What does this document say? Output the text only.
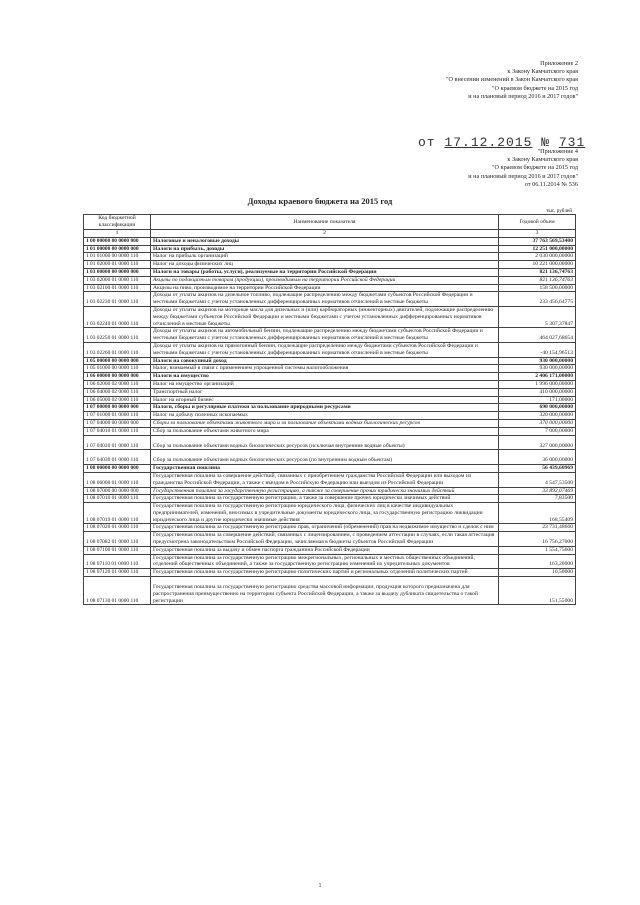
Приложение 2
к Закону Камчатского края
"О внесении изменений в Закон Камчатского края
"О краевом бюджете на 2015 год
и на плановый период 2016 и 2017 годов"
от 17.12.2015 № 731
"Приложение 4
к Закону Камчатского края
"О краевом бюджете на 2015 год
и на плановый период 2016 и 2017 годов"
от 06.11.2014 № 536
Доходы краевого бюджета на 2015 год
тыс. рублей
Код бюджетной классификации	Наименование показателя	Годовой объем
1	2	3
1 00 00000 00 0000 000	Налоговые и неналоговые доходы	37 763 569,53400
1 01 00000 00 0000 000	Налоги на прибыль, доходы	12 251 000,00000
1 01 01000 00 0000 110	Налог на прибыль организаций	2 030 000,00000
1 01 02000 01 0000 110	Налог на доходы физических лиц	10 221 000,00000
1 03 00000 00 0000 000	Налоги на товары (работы, услуги), реализуемые на территории Российской Федерации	821 136,74763
1 03 02000 01 0000 110	Акцизы по подакцизным товарам (продукции), производимым на территории Российской Федерации	821 136,74763
1 03 02100 01 0000 110	Акцизы на пиво, производимое на территории Российской Федерации	158 500,00000
1 03 02230 01 0000 110	Доходы от уплаты акцизов на дизельное топливо, подлежащие распределению между бюджетами субъектов Российской Федерации и местными бюджетами с учетом установленных дифференцированных нормативов отчислений в местные бюджеты	233 456,64775
1 03 02240 01 0000 110	Доходы от уплаты акцизов на моторные масла для дизельных и (или) карбюраторных (инжекторных) двигателей, подлежащие распределению между бюджетами субъектов Российской Федерации и местными бюджетами с учетом установленных дифференцированных нормативов отчислений в местные бюджеты	5 307,37847
1 03 02250 01 0000 110	Доходы от уплаты акцизов на автомобильный бензин, подлежащие распределению между бюджетами субъектов Российской Федерации и местными бюджетами с учетом установленных дифференцированных нормативов отчислений в местные бюджеты	464 027,68654
1 03 02260 01 0000 110	Доходы от уплаты акцизов на прямогонный бензин, подлежащие распределению между бюджетами субъектов Российской Федерации и местными бюджетами с учетом установленных дифференцированных нормативов отчислений в местные бюджеты	-40 154,96513
1 05 00000 00 0000 000	Налоги на совокупный доход	930 000,00000
1 05 01000 00 0000 110	Налог, взимаемый в связи с применением упрощенной системы налогообложения	930 000,00000
1 06 00000 00 0000 000	Налоги на имущество	2 406 171,00000
1 06 02000 02 0000 110	Налог на имущество организаций	1 996 000,00000
1 06 04000 02 0000 110	Транспортный налог	410 000,00000
1 06 05000 02 0000 110	Налог на игорный бизнес	171,00000
1 07 00000 00 0000 000	Налоги, сборы и регулярные платежи за пользование природными ресурсами	690 000,00000
1 07 01000 01 0000 110	Налог на добычу полезных ископаемых	320 000,00000
1 07 04000 00 0000 000	Сборы за пользование объектами животного мира и за пользование объектами водных биологических ресурсов	370 000,00000
1 07 04010 01 0000 110	Сбор за пользование объектами животного мира	7 000,00000
1 07 04020 01 0000 110	Сбор за пользование объектами водных биологических ресурсов (исключая внутренние водные объекты)	327 000,00000
1 07 04030 01 0000 110	Сбор за пользование объектами водных биологических ресурсов (по внутренним водным объектам)	36 000,00000
1 08 00000 00 0000 000	Государственная пошлина	56 439,60969
1 08 06000 01 0000 110	Государственная пошлина за совершение действий, связанных с приобретением гражданства Российской Федерации или выходом из гражданства Российской Федерации, а также с въездом в Российскую Федерацию или выездом из Российской Федерации	4 547,53500
1 08 07000 00 0000 000	Государственная пошлина за государственную регистрацию, а также за совершение прочих юридически значимых действий	33 892,07469
1 08 07010 01 0000 110	Государственная пошлина за государственную регистрацию, а также за совершение прочих юридически значимых действий	7,83500
1 08 07019 01 0000 110	Государственная пошлина за государственную регистрацию юридического лица, физических лиц в качестве индивидуальных предпринимателей, изменений, вносимых в учредительные документы юридического лица, за государственную регистрацию ликвидации юридического лица и другие юридически значимые действия	168,55409
1 08 07020 01 0000 110	Государственная пошлина за государственную регистрацию прав, ограничений (обременений) прав на недвижимое имущество и сделок с ним	23 731,48660
1 08 07082 01 0000 110	Государственная пошлина за совершение действий, связанных с лицензированием, с проведением аттестации в случаях, если такая аттестация предусмотрена законодательством Российской Федерации, зачисляемая в бюджеты субъектов Российской Федерации	16 756,27000
1 08 07100 01 0000 110	Государственная пошлина за выдачу и обмен паспорта гражданина Российской Федерации	1 554,75600
1 08 07110 01 0000 110	Государственная пошлина за государственную регистрацию межрегиональных, региональных и местных общественных объединений, отделений общественных объединений, а также за государственную регистрацию изменений их учредительных документов	163,20000
1 08 07120 01 0000 110	Государственная пошлина за государственную регистрацию политических партий и региональных отделений политических партий	10,50000
1 08 07130 01 0000 110	Государственная пошлина за государственную регистрацию средства массовой информации, продукция которого предназначена для распространения преимущественно на территории субъекта Российской Федерации, а также за выдачу дубликата свидетельства о такой регистрации	151,55000
1
